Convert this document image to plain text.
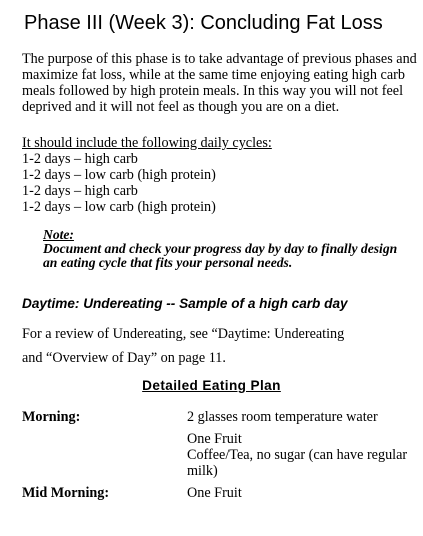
Phase III (Week 3): Concluding Fat Loss

The purpose of this phase is to take advantage of previous phases and maximize fat loss, while at the same time enjoying eating high carb meals followed by high protein meals. In this way you will not feel deprived and it will not feel as though you are on a diet.

It should include the following daily cycles:
1-2 days – high carb
1-2 days – low carb (high protein)
1-2 days – high carb
1-2 days – low carb (high protein)
Note:
Document and check your progress day by day to finally design an eating cycle that fits your personal needs.
Daytime: Undereating -- Sample of a high carb day
For a review of Undereating, see “Daytime: Undereating
and “Overview of Day” on page 11.
Detailed Eating Plan
Morning:	2 glasses room temperature water
One Fruit
Coffee/Tea, no sugar (can have regular milk)
Mid Morning:	One Fruit
